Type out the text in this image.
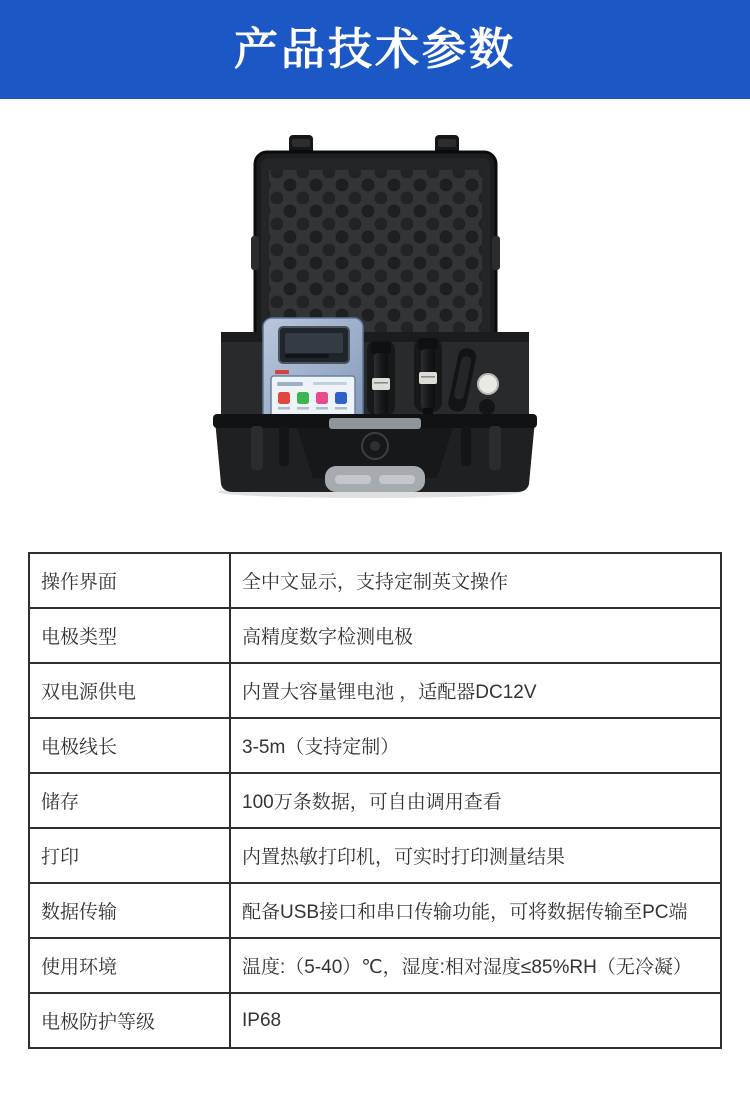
产品技术参数
操作界面	全中文显示，支持定制英文操作
电极类型	高精度数字检测电极
双电源供电	内置大容量锂电池 ，适配器DC12V
电极线长	3-5m（支持定制）
储存	100万条数据，可自由调用查看
打印	内置热敏打印机，可实时打印测量结果
数据传输	配备USB接口和串口传输功能，可将数据传输至PC端
使用环境	温度:（5-40）℃，湿度:相对湿度≤85%RH（无冷凝）
电极防护等级	IP68
